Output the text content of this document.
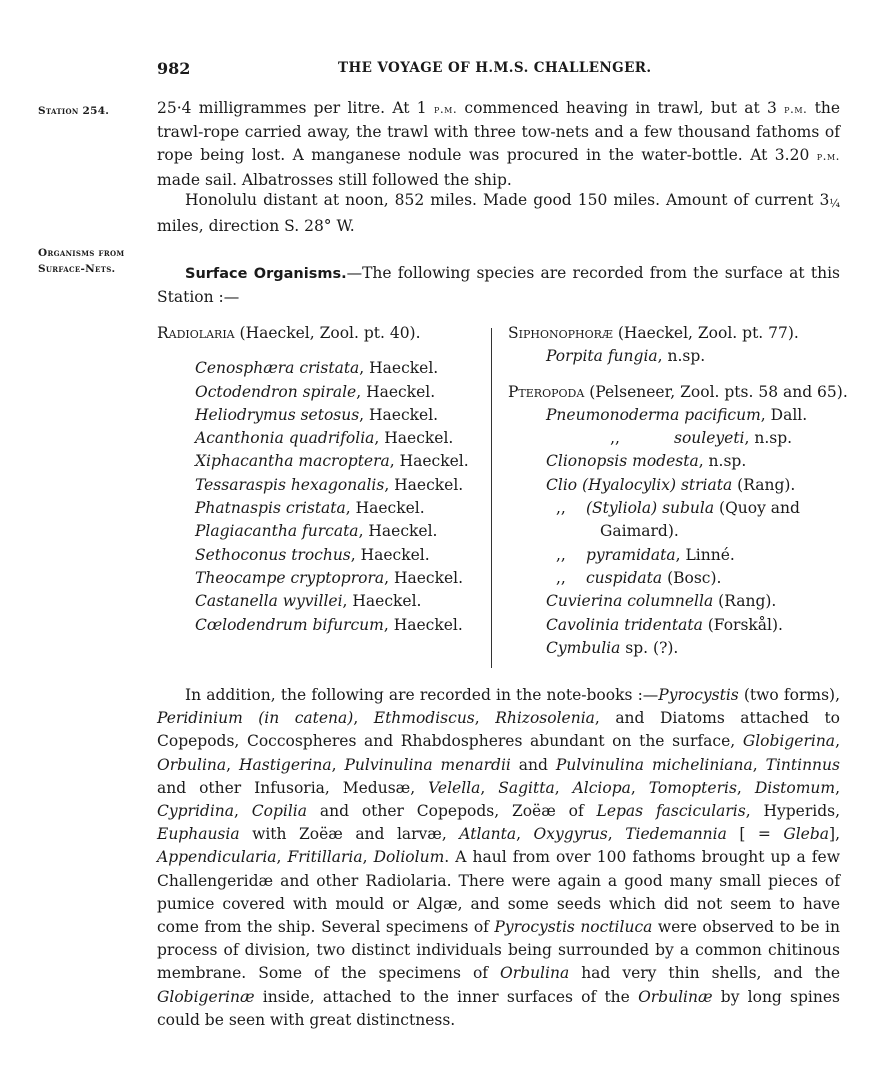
982	THE VOYAGE OF H.M.S. CHALLENGER.
Station 254.
Organisms from
Surface-Nets.
25·4 milligrammes per litre. At 1 p.m. commenced heaving in trawl, but at 3 p.m. the trawl-rope carried away, the trawl with three tow-nets and a few thousand fathoms of rope being lost. A manganese nodule was procured in the water-bottle. At 3.20 p.m. made sail. Albatrosses still followed the ship.
Honolulu distant at noon, 852 miles. Made good 150 miles. Amount of current 3¼ miles, direction S. 28° W.
Surface Organisms.—The following species are recorded from the surface at this Station :—
Radiolaria (Haeckel, Zool. pt. 40).
Cenosphæra cristata, Haeckel.
Octodendron spirale, Haeckel.
Heliodrymus setosus, Haeckel.
Acanthonia quadrifolia, Haeckel.
Xiphacantha macroptera, Haeckel.
Tessaraspis hexagonalis, Haeckel.
Phatnaspis cristata, Haeckel.
Plagiacantha furcata, Haeckel.
Sethoconus trochus, Haeckel.
Theocampe cryptoprora, Haeckel.
Castanella wyvillei, Haeckel.
Cœlodendrum bifurcum, Haeckel.
Siphonophoræ (Haeckel, Zool. pt. 77).
Porpita fungia, n.sp.
Pteropoda (Pelseneer, Zool. pts. 58 and 65).
Pneumonoderma pacificum, Dall.
,,	souleyeti, n.sp.
Clionopsis modesta, n.sp.
Clio (Hyalocylix) striata (Rang).
,, (Styliola) subula (Quoy and
Gaimard).
,, pyramidata, Linné.
,, cuspidata (Bosc).
Cuvierina columnella (Rang).
Cavolinia tridentata (Forskål).
Cymbulia sp. (?).
In addition, the following are recorded in the note-books :—Pyrocystis (two forms), Peridinium (in catena), Ethmodiscus, Rhizosolenia, and Diatoms attached to Copepods, Coccospheres and Rhabdospheres abundant on the surface, Globigerina, Orbulina, Hastigerina, Pulvinulina menardii and Pulvinulina micheliniana, Tintinnus and other Infusoria, Medusæ, Velella, Sagitta, Alciopa, Tomopteris, Distomum, Cypridina, Copilia and other Copepods, Zoëæ of Lepas fascicularis, Hyperids, Euphausia with Zoëæ and larvæ, Atlanta, Oxygyrus, Tiedemannia [ = Gleba], Appendicularia, Fritillaria, Doliolum. A haul from over 100 fathoms brought up a few Challengeridæ and other Radiolaria. There were again a good many small pieces of pumice covered with mould or Algæ, and some seeds which did not seem to have come from the ship. Several specimens of Pyrocystis noctiluca were observed to be in process of division, two distinct individuals being surrounded by a common chitinous membrane. Some of the specimens of Orbulina had very thin shells, and the Globigerinæ inside, attached to the inner surfaces of the Orbulinæ by long spines could be seen with great distinctness.
